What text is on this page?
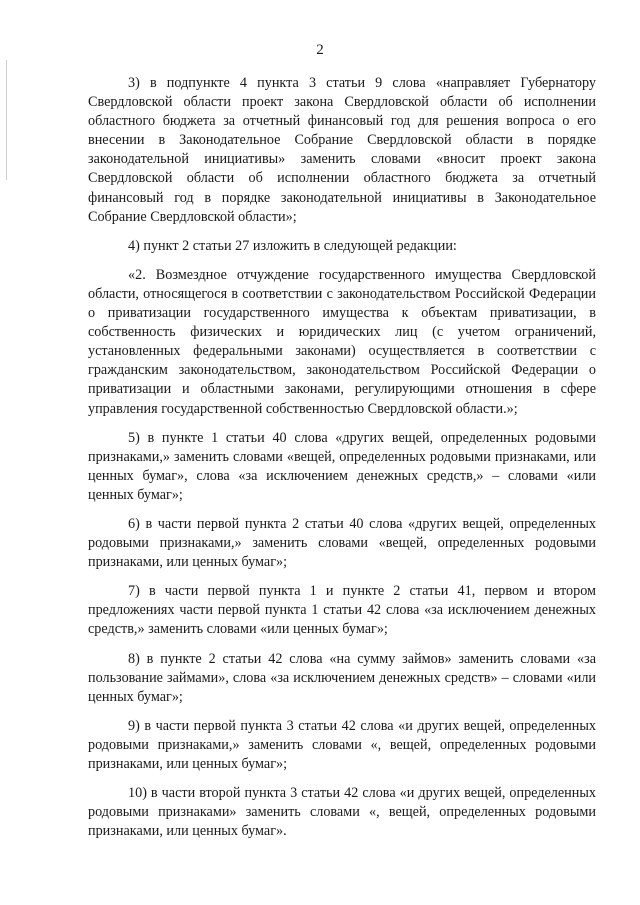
2

3) в подпункте 4 пункта 3 статьи 9 слова «направляет Губернатору Свердловской области проект закона Свердловской области об исполнении областного бюджета за отчетный финансовый год для решения вопроса о его внесении в Законодательное Собрание Свердловской области в порядке законодательной инициативы» заменить словами «вносит проект закона Свердловской области об исполнении областного бюджета за отчетный финансовый год в порядке законодательной инициативы в Законодательное Собрание Свердловской области»;

4) пункт 2 статьи 27 изложить в следующей редакции:

«2. Возмездное отчуждение государственного имущества Свердловской области, относящегося в соответствии с законодательством Российской Федерации о приватизации государственного имущества к объектам приватизации, в собственность физических и юридических лиц (с учетом ограничений, установленных федеральными законами) осуществляется в соответствии с гражданским законодательством, законодательством Российской Федерации о приватизации и областными законами, регулирующими отношения в сфере управления государственной собственностью Свердловской области.»;

5) в пункте 1 статьи 40 слова «других вещей, определенных родовыми признаками,» заменить словами «вещей, определенных родовыми признаками, или ценных бумаг», слова «за исключением денежных средств,» – словами «или ценных бумаг»;

6) в части первой пункта 2 статьи 40 слова «других вещей, определенных родовыми признаками,» заменить словами «вещей, определенных родовыми признаками, или ценных бумаг»;

7) в части первой пункта 1 и пункте 2 статьи 41, первом и втором предложениях части первой пункта 1 статьи 42 слова «за исключением денежных средств,» заменить словами «или ценных бумаг»;

8) в пункте 2 статьи 42 слова «на сумму займов» заменить словами «за пользование займами», слова «за исключением денежных средств» – словами «или ценных бумаг»;

9) в части первой пункта 3 статьи 42 слова «и других вещей, определенных родовыми признаками,» заменить словами «, вещей, определенных родовыми признаками, или ценных бумаг»;

10) в части второй пункта 3 статьи 42 слова «и других вещей, определенных родовыми признаками» заменить словами «, вещей, определенных родовыми признаками, или ценных бумаг».
